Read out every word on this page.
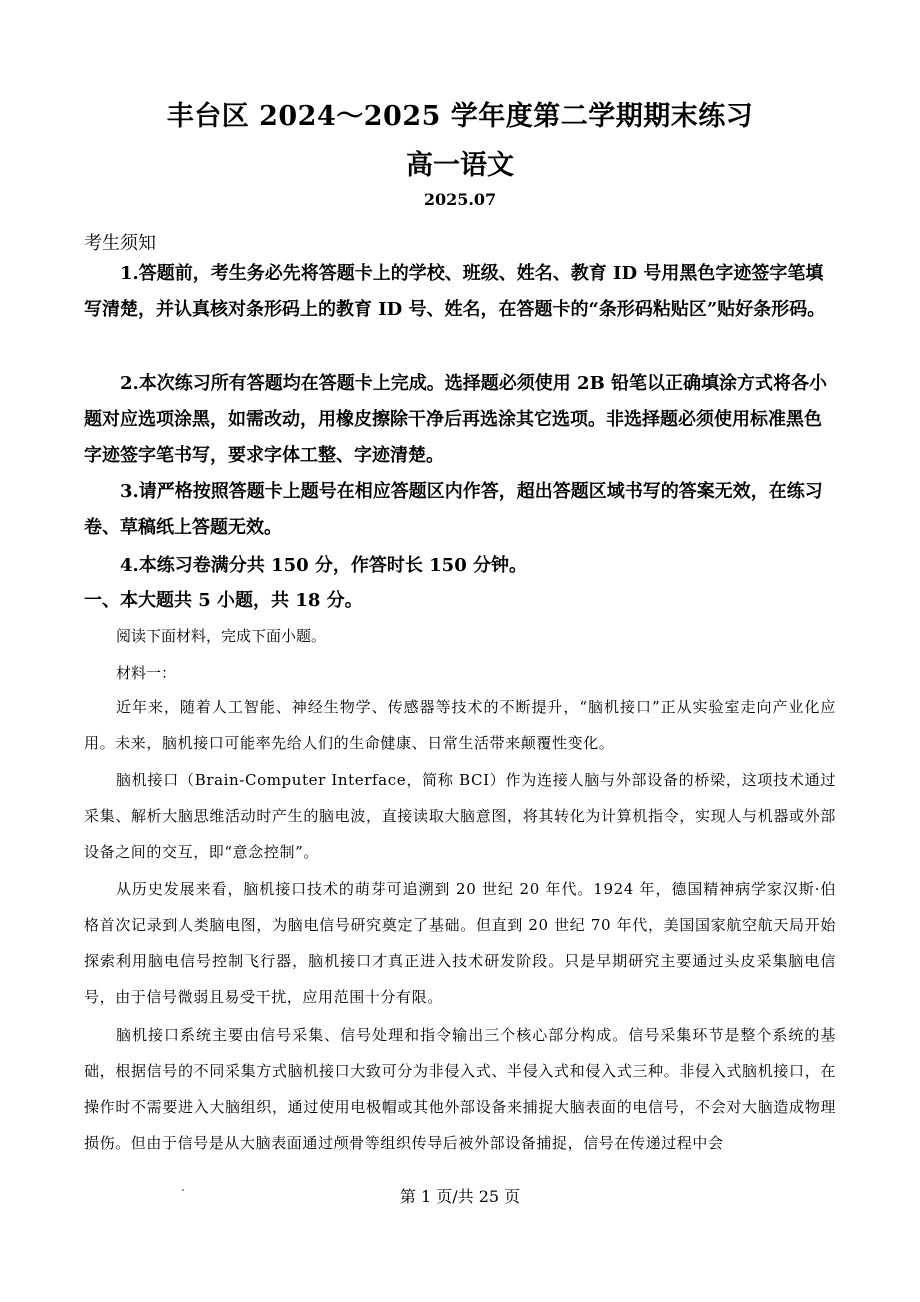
丰台区 2024～2025 学年度第二学期期末练习
高一语文
2025.07
考生须知

1.答题前，考生务必先将答题卡上的学校、班级、姓名、教育 ID 号用黑色字迹签字笔填写清楚，并认真核对条形码上的教育 ID 号、姓名，在答题卡的“条形码粘贴区”贴好条形码。

2.本次练习所有答题均在答题卡上完成。选择题必须使用 2B 铅笔以正确填涂方式将各小题对应选项涂黑，如需改动，用橡皮擦除干净后再选涂其它选项。非选择题必须使用标准黑色字迹签字笔书写，要求字体工整、字迹清楚。

3.请严格按照答题卡上题号在相应答题区内作答，超出答题区域书写的答案无效，在练习卷、草稿纸上答题无效。

4.本练习卷满分共 150 分，作答时长 150 分钟。

一、本大题共 5 小题，共 18 分。
阅读下面材料，完成下面小题。
材料一：

近年来，随着人工智能、神经生物学、传感器等技术的不断提升，“脑机接口”正从实验室走向产业化应用。未来，脑机接口可能率先给人们的生命健康、日常生活带来颠覆性变化。

脑机接口（Brain-Computer Interface，简称 BCI）作为连接人脑与外部设备的桥梁，这项技术通过采集、解析大脑思维活动时产生的脑电波，直接读取大脑意图，将其转化为计算机指令，实现人与机器或外部设备之间的交互，即“意念控制”。

从历史发展来看，脑机接口技术的萌芽可追溯到 20 世纪 20 年代。1924 年，德国精神病学家汉斯·伯格首次记录到人类脑电图，为脑电信号研究奠定了基础。但直到 20 世纪 70 年代，美国国家航空航天局开始探索利用脑电信号控制飞行器，脑机接口才真正进入技术研发阶段。只是早期研究主要通过头皮采集脑电信号，由于信号微弱且易受干扰，应用范围十分有限。

脑机接口系统主要由信号采集、信号处理和指令输出三个核心部分构成。信号采集环节是整个系统的基础，根据信号的不同采集方式脑机接口大致可分为非侵入式、半侵入式和侵入式三种。非侵入式脑机接口，在操作时不需要进入大脑组织，通过使用电极帽或其他外部设备来捕捉大脑表面的电信号，不会对大脑造成物理损伤。但由于信号是从大脑表面通过颅骨等组织传导后被外部设备捕捉，信号在传递过程中会

第 1 页/共 25 页
